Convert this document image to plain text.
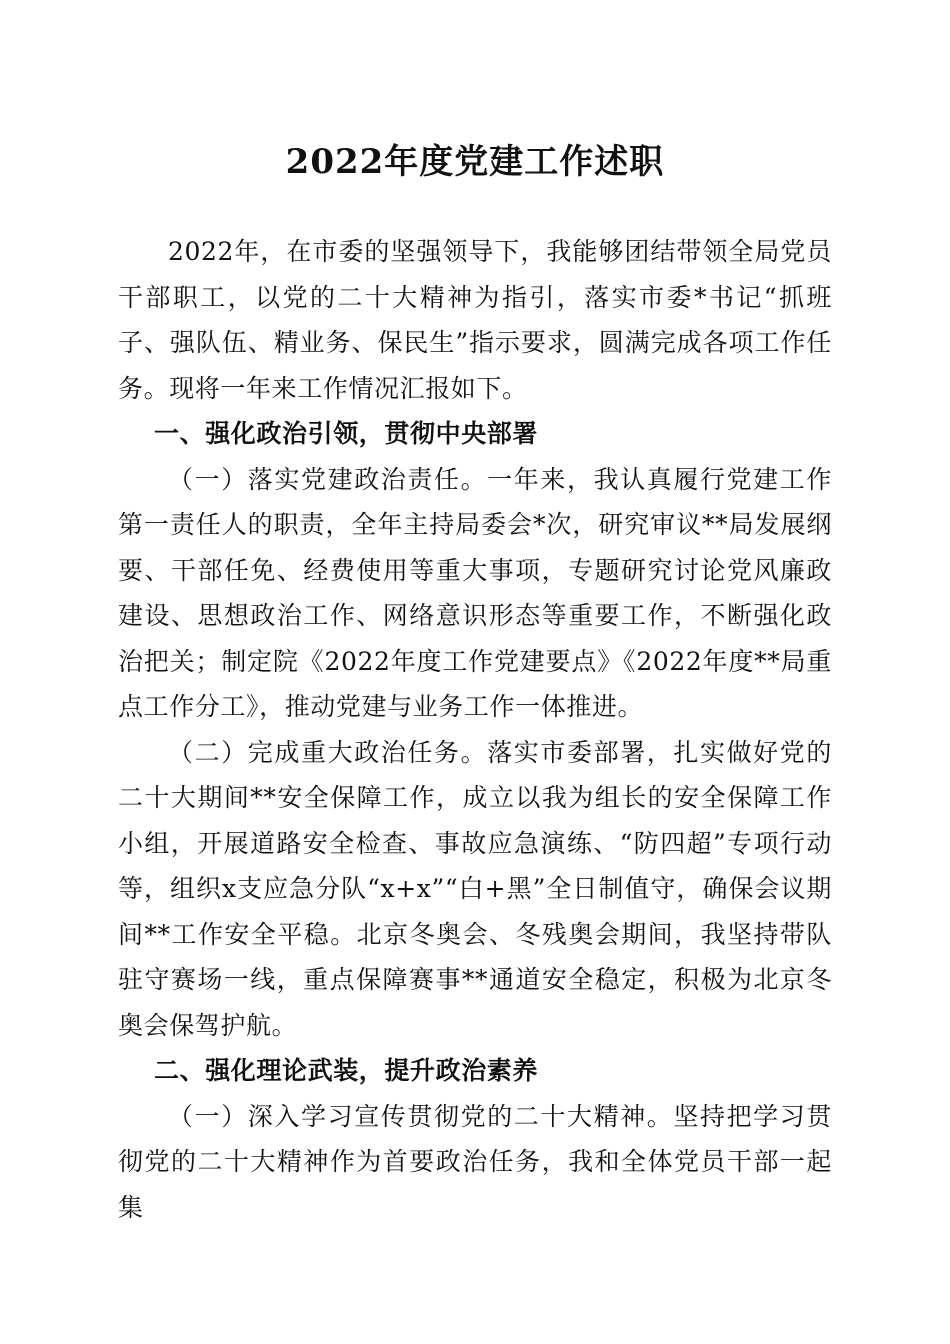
2022年度党建工作述职

2022年，在市委的坚强领导下，我能够团结带领全局党员干部职工，以党的二十大精神为指引，落实市委*书记“抓班子、强队伍、精业务、保民生”指示要求，圆满完成各项工作任务。现将一年来工作情况汇报如下。

一、强化政治引领，贯彻中央部署

（一）落实党建政治责任。一年来，我认真履行党建工作第一责任人的职责，全年主持局委会*次，研究审议**局发展纲要、干部任免、经费使用等重大事项，专题研究讨论党风廉政建设、思想政治工作、网络意识形态等重要工作，不断强化政治把关；制定院《2022年度工作党建要点》《2022年度**局重点工作分工》，推动党建与业务工作一体推进。

（二）完成重大政治任务。落实市委部署，扎实做好党的二十大期间**安全保障工作，成立以我为组长的安全保障工作小组，开展道路安全检查、事故应急演练、“防四超”专项行动等，组织x支应急分队“x+x”“白+黑”全日制值守，确保会议期间**工作安全平稳。北京冬奥会、冬残奥会期间，我坚持带队驻守赛场一线，重点保障赛事**通道安全稳定，积极为北京冬奥会保驾护航。

二、强化理论武装，提升政治素养

（一）深入学习宣传贯彻党的二十大精神。坚持把学习贯彻党的二十大精神作为首要政治任务，我和全体党员干部一起集
